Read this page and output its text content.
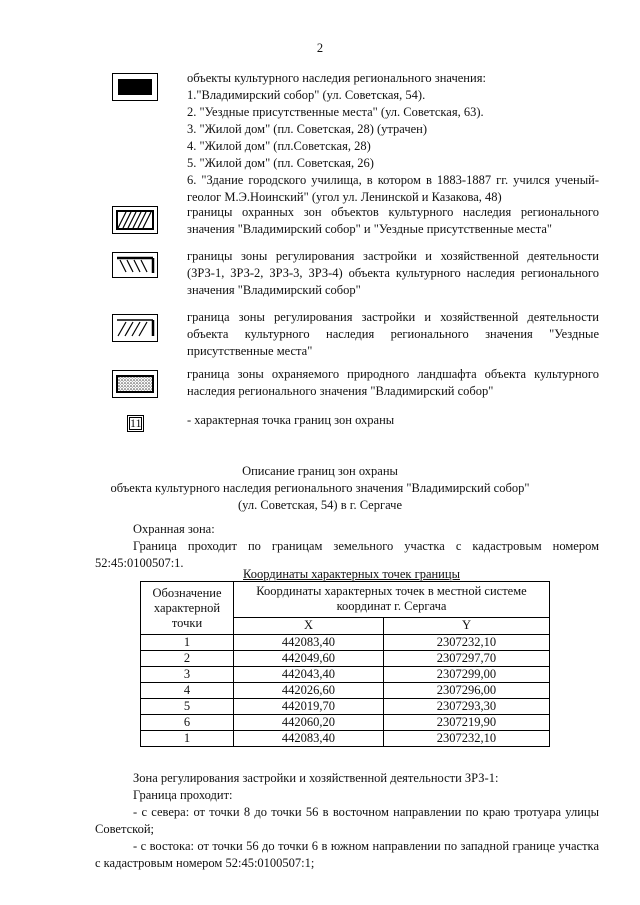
2
объекты культурного наследия регионального значения:
1."Владимирский собор" (ул. Советская, 54).
2. "Уездные присутственные места" (ул. Советская, 63).
3. "Жилой дом" (пл. Советская, 28) (утрачен)
4. "Жилой дом" (пл.Советская, 28)
5. "Жилой дом" (пл. Советская, 26)
6. "Здание городского училища, в котором в 1883-1887 гг. учился ученый-геолог М.Э.Ноинский" (угол ул. Ленинской и Казакова, 48)
границы охранных зон объектов культурного наследия регионального значения "Владимирский собор" и "Уездные присутственные места"
границы зоны регулирования застройки и хозяйственной деятельности (ЗРЗ-1, ЗРЗ-2, ЗРЗ-3, ЗРЗ-4) объекта культурного наследия регионального значения "Владимирский собор"
граница зоны регулирования застройки и хозяйственной деятельности объекта культурного наследия регионального значения "Уездные присутственные места"
граница зоны охраняемого природного ландшафта объекта культурного наследия регионального значения "Владимирский собор"
11	- характерная точка границ зон охраны
Описание границ зон охраны
объекта культурного наследия регионального значения "Владимирский собор"
(ул. Советская, 54) в г. Сергаче
Охранная зона:
Граница проходит по границам земельного участка с кадастровым номером 52:45:0100507:1.
Координаты характерных точек границы
Обозначение характерной точки	Координаты характерных точек в местной системе координат г. Сергача	
	X	Y
1	442083,40	2307232,10
2	442049,60	2307297,70
3	442043,40	2307299,00
4	442026,60	2307296,00
5	442019,70	2307293,30
6	442060,20	2307219,90
1	442083,40	2307232,10
Зона регулирования застройки и хозяйственной деятельности ЗРЗ-1:
Граница проходит:
- с севера: от точки 8 до точки 56 в восточном направлении по краю тротуара улицы Советской;
- с востока: от точки 56 до точки 6 в южном направлении по западной границе участка с кадастровым номером 52:45:0100507:1;
